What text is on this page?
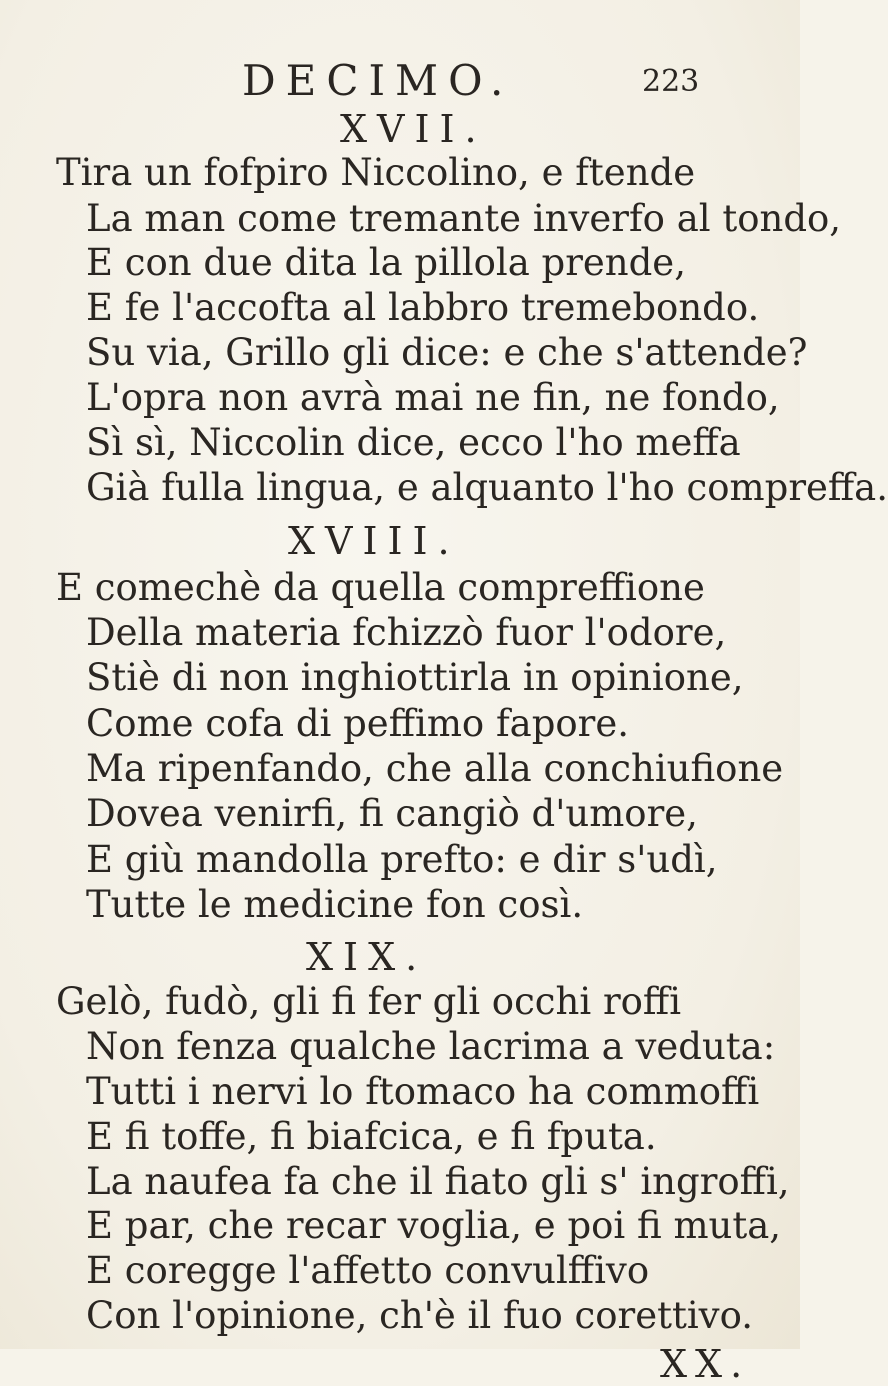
DECIMO.	223
XVII.
Tira un fofpiro Niccolino, e ftende
La man come tremante inverfo al tondo,
E con due dita la pillola prende,
E fe l'accofta al labbro tremebondo.
Su via, Grillo gli dice: e che s'attende?
L'opra non avrà mai ne fin, ne fondo,
Sì sì, Niccolin dice, ecco l'ho meffa
Già fulla lingua, e alquanto l'ho compreffa.
XVIII.
E comechè da quella compreffione
Della materia fchizzò fuor l'odore,
Stiè di non inghiottirla in opinione,
Come cofa di peffimo fapore.
Ma ripenfando, che alla conchiufione
Dovea venirfi, fi cangiò d'umore,
E giù mandolla prefto: e dir s'udì,
Tutte le medicine fon così.
XIX.
Gelò, fudò, gli fi fer gli occhi roffi
Non fenza qualche lacrima a veduta:
Tutti i nervi lo ftomaco ha commoffi
E fi toffe, fi biafcica, e fi fputa.
La naufea fa che il fiato gli s' ingroffi,
E par, che recar voglia, e poi fi muta,
E coregge l'affetto convulffivo
Con l'opinione, ch'è il fuo corettivo.
XX.
